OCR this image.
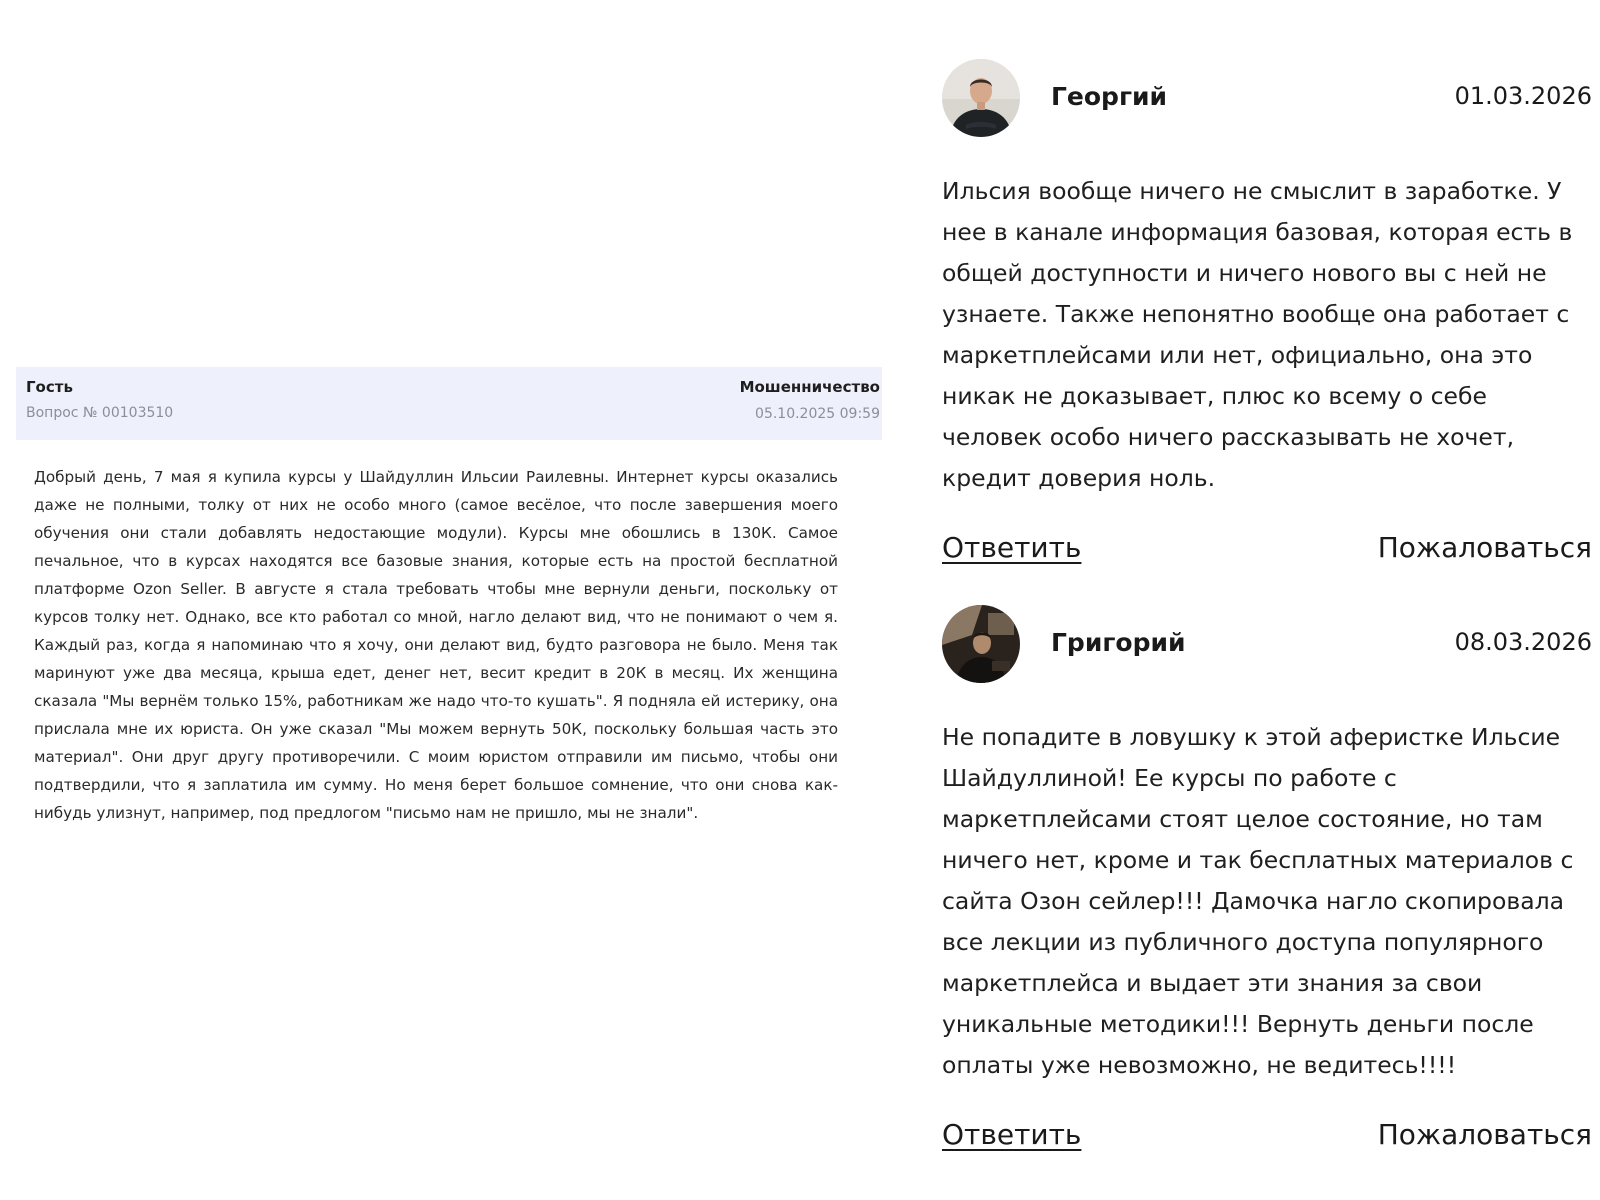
Гость
Вопрос № 00103510
Мошенничество
05.10.2025 09:59
Добрый день, 7 мая я купила курсы у Шайдуллин Ильсии Раилевны. Интернет курсы оказались даже не полными, толку от них не особо много (самое весёлое, что после завершения моего обучения они стали добавлять недостающие модули). Курсы мне обошлись в 130К. Самое печальное, что в курсах находятся все базовые знания, которые есть на простой бесплатной платформе Ozon Seller. В августе я стала требовать чтобы мне вернули деньги, поскольку от курсов толку нет. Однако, все кто работал со мной, нагло делают вид, что не понимают о чем я. Каждый раз, когда я напоминаю что я хочу, они делают вид, будто разговора не было. Меня так маринуют уже два месяца, крыша едет, денег нет, весит кредит в 20К в месяц. Их женщина сказала "Мы вернём только 15%, работникам же надо что-то кушать". Я подняла ей истерику, она прислала мне их юриста. Он уже сказал "Мы можем вернуть 50К, поскольку большая часть это материал". Они друг другу противоречили. С моим юристом отправили им письмо, чтобы они подтвердили, что я заплатила им сумму. Но меня берет большое сомнение, что они снова как-нибудь улизнут, например, под предлогом "письмо нам не пришло, мы не знали".
Георгий	01.03.2026
Ильсия вообще ничего не смыслит в заработке. У нее в канале информация базовая, которая есть в общей доступности и ничего нового вы с ней не узнаете. Также непонятно вообще она работает с маркетплейсами или нет, официально, она это никак не доказывает, плюс ко всему о себе человек особо ничего рассказывать не хочет, кредит доверия ноль.
Ответить	Пожаловаться
Григорий	08.03.2026
Не попадите в ловушку к этой аферистке Ильсие Шайдуллиной! Ее курсы по работе с маркетплейсами стоят целое состояние, но там ничего нет, кроме и так бесплатных материалов с сайта Озон сейлер!!! Дамочка нагло скопировала все лекции из публичного доступа популярного маркетплейса и выдает эти знания за свои уникальные методики!!! Вернуть деньги после оплаты уже невозможно, не ведитесь!!!!
Ответить	Пожаловаться
